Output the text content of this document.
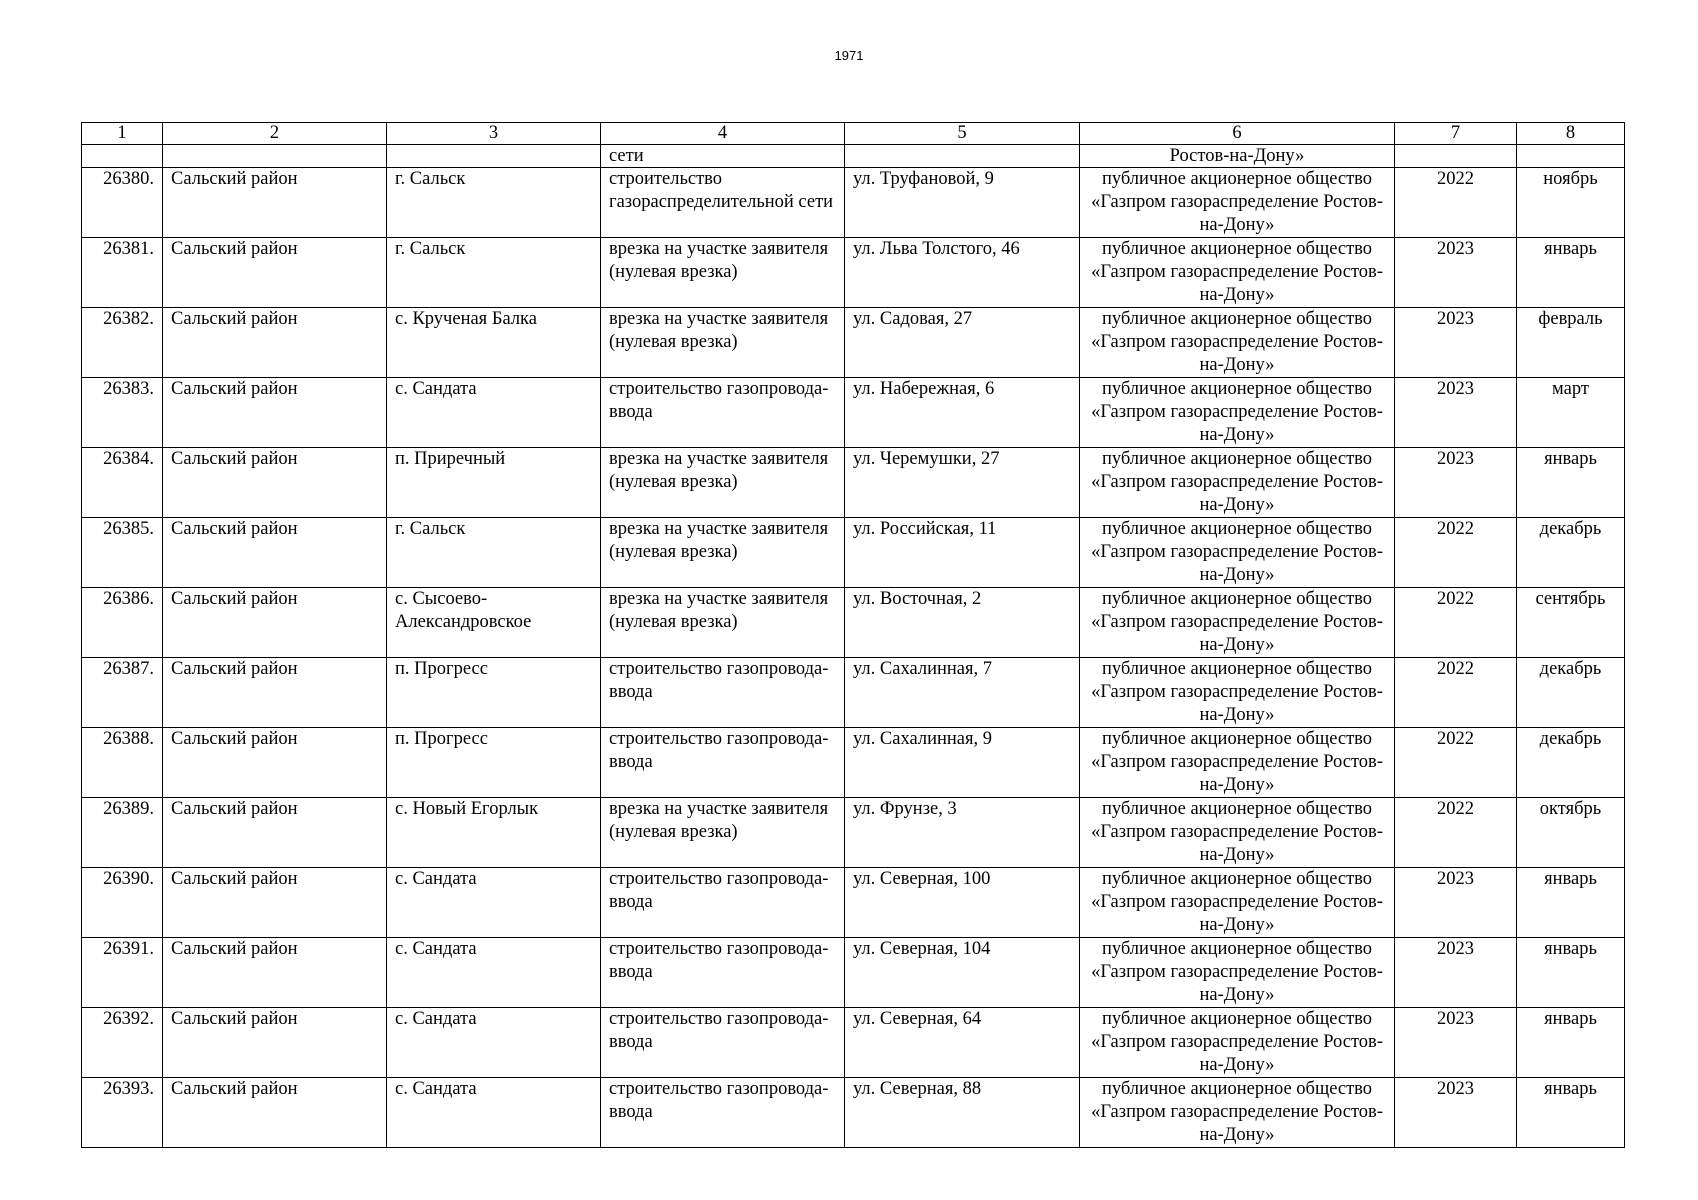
1971
1	2	3	4	5	6	7	8
			сети		Ростов-на-Дону»		
26380.	Сальский район	г. Сальск	строительство газораспределительной сети	ул. Труфановой, 9	публичное акционерное общество «Газпром газораспределение Ростов-на-Дону»	2022	ноябрь
26381.	Сальский район	г. Сальск	врезка на участке заявителя (нулевая врезка)	ул. Льва Толстого, 46	публичное акционерное общество «Газпром газораспределение Ростов-на-Дону»	2023	январь
26382.	Сальский район	с. Крученая Балка	врезка на участке заявителя (нулевая врезка)	ул. Садовая, 27	публичное акционерное общество «Газпром газораспределение Ростов-на-Дону»	2023	февраль
26383.	Сальский район	с. Сандата	строительство газопровода-ввода	ул. Набережная, 6	публичное акционерное общество «Газпром газораспределение Ростов-на-Дону»	2023	март
26384.	Сальский район	п. Приречный	врезка на участке заявителя (нулевая врезка)	ул. Черемушки, 27	публичное акционерное общество «Газпром газораспределение Ростов-на-Дону»	2023	январь
26385.	Сальский район	г. Сальск	врезка на участке заявителя (нулевая врезка)	ул. Российская, 11	публичное акционерное общество «Газпром газораспределение Ростов-на-Дону»	2022	декабрь
26386.	Сальский район	с. Сысоево-Александровское	врезка на участке заявителя (нулевая врезка)	ул. Восточная, 2	публичное акционерное общество «Газпром газораспределение Ростов-на-Дону»	2022	сентябрь
26387.	Сальский район	п. Прогресс	строительство газопровода-ввода	ул. Сахалинная, 7	публичное акционерное общество «Газпром газораспределение Ростов-на-Дону»	2022	декабрь
26388.	Сальский район	п. Прогресс	строительство газопровода-ввода	ул. Сахалинная, 9	публичное акционерное общество «Газпром газораспределение Ростов-на-Дону»	2022	декабрь
26389.	Сальский район	с. Новый Егорлык	врезка на участке заявителя (нулевая врезка)	ул. Фрунзе, 3	публичное акционерное общество «Газпром газораспределение Ростов-на-Дону»	2022	октябрь
26390.	Сальский район	с. Сандата	строительство газопровода-ввода	ул. Северная, 100	публичное акционерное общество «Газпром газораспределение Ростов-на-Дону»	2023	январь
26391.	Сальский район	с. Сандата	строительство газопровода-ввода	ул. Северная, 104	публичное акционерное общество «Газпром газораспределение Ростов-на-Дону»	2023	январь
26392.	Сальский район	с. Сандата	строительство газопровода-ввода	ул. Северная, 64	публичное акционерное общество «Газпром газораспределение Ростов-на-Дону»	2023	январь
26393.	Сальский район	с. Сандата	строительство газопровода-ввода	ул. Северная, 88	публичное акционерное общество «Газпром газораспределение Ростов-на-Дону»	2023	январь
